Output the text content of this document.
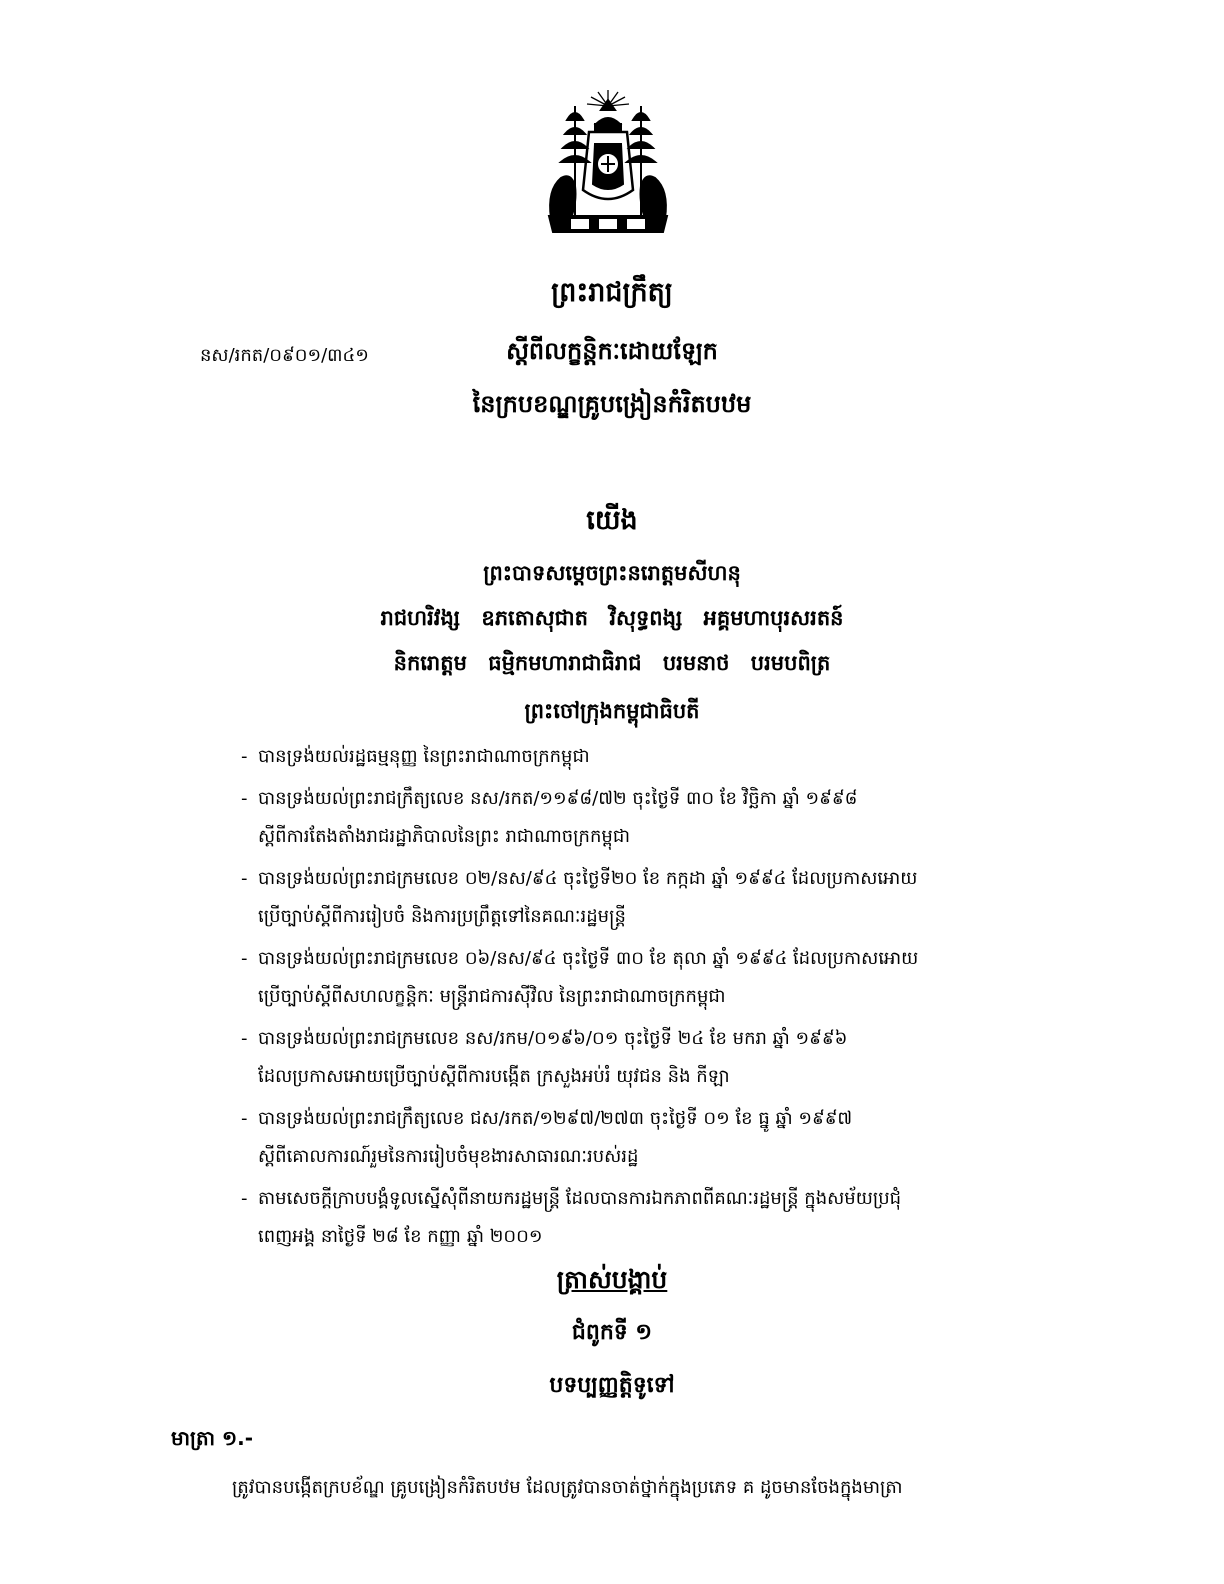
ព្រះរាជក្រឹត្យ
នស/រកត/០៩០១/៣៤១	ស្តីពីលក្ខន្តិកៈដោយឡែក
នៃក្របខណ្ឌគ្រូបង្រៀនកំរិតបឋម
យើង
ព្រះបាទសម្តេចព្រះនរោត្តមសីហនុ
រាជហរិវង្ស ឧភតោសុជាត វិសុទ្ធពង្ស អគ្គមហាបុរសរតន៍
និករោត្តម ធម្មិកមហារាជាធិរាជ បរមនាថ បរមបពិត្រ
ព្រះចៅក្រុងកម្ពុជាធិបតី
- បានទ្រង់យល់រដ្ឋធម្មនុញ្ញ នៃព្រះរាជាណាចក្រកម្ពុជា
- បានទ្រង់យល់ព្រះរាជក្រឹត្យលេខ នស/រកត/១១៩៨/៧២ ចុះថ្ងៃទី ៣០ ខែ វិច្ឆិកា ឆ្នាំ ១៩៩៨
ស្តីពីការតែងតាំងរាជរដ្ឋាភិបាលនៃព្រះ រាជាណាចក្រកម្ពុជា
- បានទ្រង់យល់ព្រះរាជក្រមលេខ ០២/នស/៩៤ ចុះថ្ងៃទី២០ ខែ កក្កដា ឆ្នាំ ១៩៩៤ ដែលប្រកាសអោយ
ប្រើច្បាប់ស្តីពីការរៀបចំ និងការប្រព្រឹត្តទៅនៃគណៈរដ្ឋមន្ត្រី
- បានទ្រង់យល់ព្រះរាជក្រមលេខ ០៦/នស/៩៤ ចុះថ្ងៃទី ៣០ ខែ តុលា ឆ្នាំ ១៩៩៤ ដែលប្រកាសអោយ
ប្រើច្បាប់ស្តីពីសហលក្ខន្តិកៈ មន្ត្រីរាជការស៊ីវិល នៃព្រះរាជាណាចក្រកម្ពុជា
- បានទ្រង់យល់ព្រះរាជក្រមលេខ នស/រកម/០១៩៦/០១ ចុះថ្ងៃទី ២៤ ខែ មករា ឆ្នាំ ១៩៩៦
ដែលប្រកាសអោយប្រើច្បាប់ស្តីពីការបង្កើត ក្រសួងអប់រំ យុវជន និង កីឡា
- បានទ្រង់យល់ព្រះរាជក្រឹត្យលេខ ជស/រកត/១២៩៧/២៧៣ ចុះថ្ងៃទី ០១ ខែ ធ្នូ ឆ្នាំ ១៩៩៧
ស្តីពីគោលការណ៍រួមនៃការរៀបចំមុខងារសាធារណៈរបស់រដ្ឋ
- តាមសេចក្តីក្រាបបង្គំទូលស្នើសុំពីនាយករដ្ឋមន្ត្រី ដែលបានការឯកភាពពីគណៈរដ្ឋមន្ត្រី ក្នុងសម័យប្រជុំ
ពេញអង្គ នាថ្ងៃទី ២៨ ខែ កញ្ញា ឆ្នាំ ២០០១
ត្រាស់បង្គាប់
ជំពូកទី ១
បទប្បញ្ញត្តិទូទៅ
មាត្រា ១.-
ត្រូវបានបង្កើតក្របខ័ណ្ឌ គ្រូបង្រៀនកំរិតបឋម ដែលត្រូវបានចាត់ថ្នាក់ក្នុងប្រភេទ គ ដូចមានចែងក្នុងមាត្រា
